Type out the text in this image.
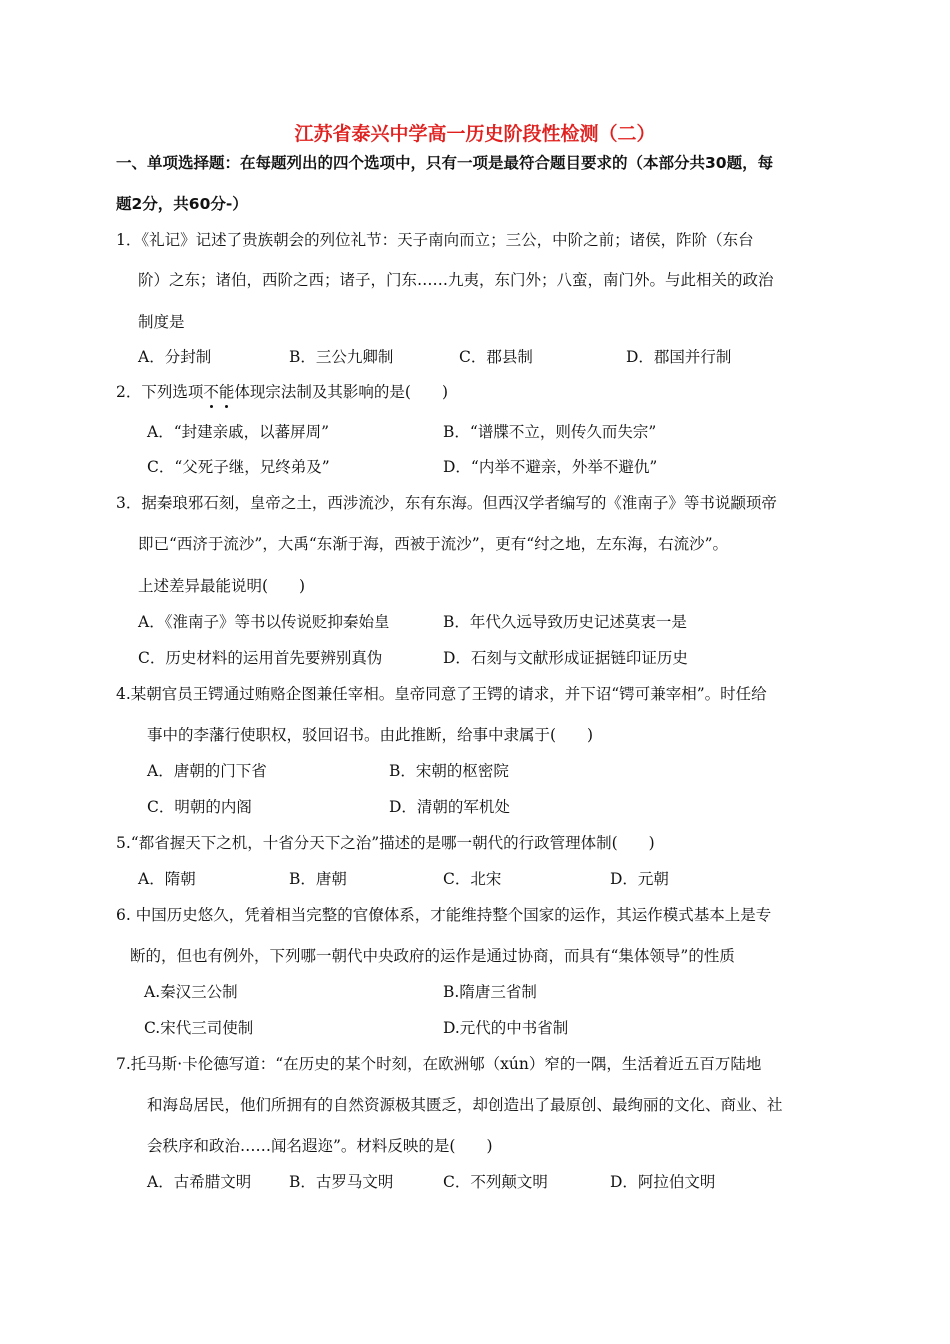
江苏省泰兴中学高一历史阶段性检测（二）
一、单项选择题：在每题列出的四个选项中，只有一项是最符合题目要求的（本部分共30题，每
题2分，共60分-）
1．《礼记》记述了贵族朝会的列位礼节：天子南向而立；三公，中阶之前；诸侯，阼阶（东台
阶）之东；诸伯，西阶之西；诸子，门东……九夷，东门外；八蛮，南门外。与此相关的政治
制度是
A．分封制	B．三公九卿制	C．郡县制	D．郡国并行制
2．下列选项不能体现宗法制及其影响的是(　　)
A．“封建亲戚，以蕃屏周”	B．“谱牒不立，则传久而失宗”
C．“父死子继，兄终弟及”	D．“内举不避亲，外举不避仇”
3．据秦琅邪石刻，皇帝之土，西涉流沙，东有东海。但西汉学者编写的《淮南子》等书说颛顼帝
即已“西济于流沙”，大禹“东渐于海，西被于流沙”，更有“纣之地，左东海，右流沙”。
上述差异最能说明(　　)
A．《淮南子》等书以传说贬抑秦始皇	B．年代久远导致历史记述莫衷一是
C．历史材料的运用首先要辨别真伪	D．石刻与文献形成证据链印证历史
4.某朝官员王锷通过贿赂企图兼任宰相。皇帝同意了王锷的请求，并下诏“锷可兼宰相”。时任给
事中的李藩行使职权，驳回诏书。由此推断，给事中隶属于(　　)
A．唐朝的门下省	B．宋朝的枢密院
C．明朝的内阁	D．清朝的军机处
5.“都省握天下之机，十省分天下之治”描述的是哪一朝代的行政管理体制(　　)
A．隋朝	B．唐朝	C．北宋	D．元朝
6. 中国历史悠久，凭着相当完整的官僚体系，才能维持整个国家的运作，其运作模式基本上是专
断的，但也有例外，下列哪一朝代中央政府的运作是通过协商，而具有“集体领导”的性质
A.秦汉三公制	B.隋唐三省制
C.宋代三司使制	D.元代的中书省制
7.托马斯·卡伦德写道：“在历史的某个时刻，在欧洲郇（xún）窄的一隅，生活着近五百万陆地
和海岛居民，他们所拥有的自然资源极其匮乏，却创造出了最原创、最绚丽的文化、商业、社
会秩序和政治……闻名遐迩”。材料反映的是(　　)
A．古希腊文明 B．古罗马文明	C．不列颠文明	D．阿拉伯文明
